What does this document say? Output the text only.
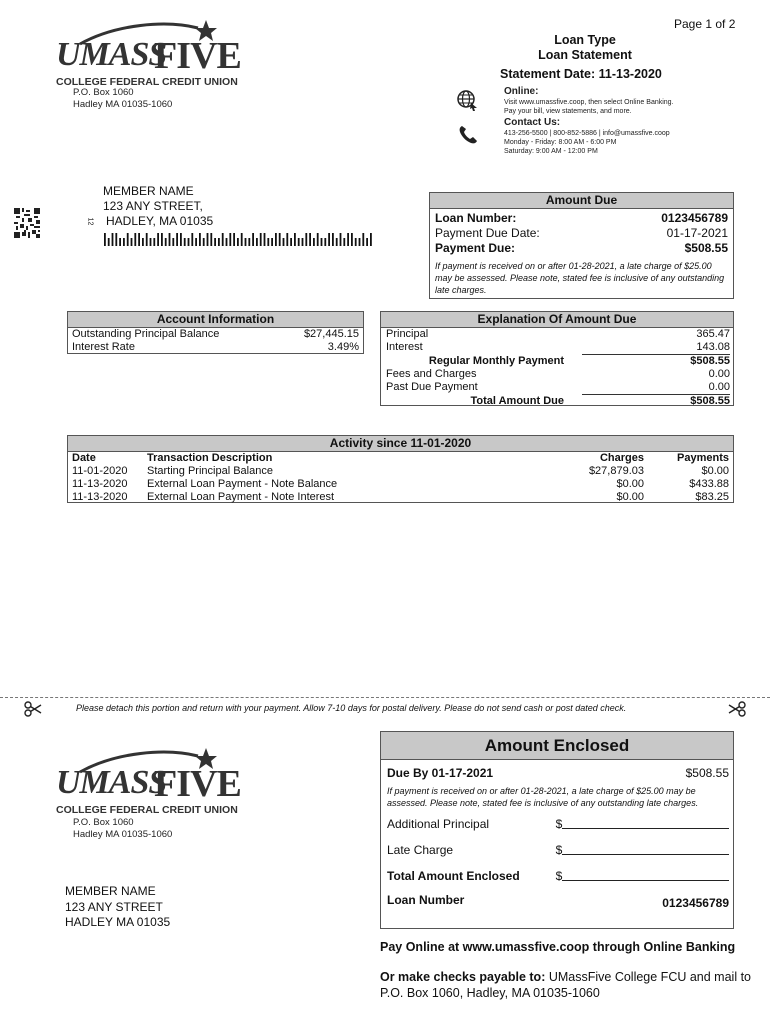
Page 1 of 2
UMASS
FIVE
COLLEGE FEDERAL CREDIT UNION
P.O. Box 1060
Hadley MA 01035-1060
Loan Type
Loan Statement
Statement Date: 11-13-2020
Online:
Visit www.umassfive.coop, then select Online Banking.
Pay your bill, view statements, and more.
Contact Us:
413-256-5500 | 800-852-5886 | info@umassfive.coop
Monday - Friday: 8:00 AM - 6:00 PM
Saturday: 9:00 AM - 12:00 PM
MEMBER NAME
123 ANY STREET,
HADLEY, MA 01035
12
Amount Due
Loan Number:	0123456789
Payment Due Date:	01-17-2021
Payment Due:	$508.55
If payment is received on or after 01-28-2021, a late charge of $25.00 may be assessed. Please note, stated fee is inclusive of any outstanding late charges.
Account Information
Outstanding Principal Balance	$27,445.15
Interest Rate	3.49%
Explanation Of Amount Due
Principal	365.47
Interest	143.08
Regular Monthly Payment	$508.55
Fees and Charges	0.00
Past Due Payment	0.00
Total Amount Due	$508.55
Activity since 11-01-2020
Date	Transaction Description	Charges	Payments
11-01-2020	Starting Principal Balance	$27,879.03	$0.00
11-13-2020	External Loan Payment - Note Balance	$0.00	$433.88
11-13-2020	External Loan Payment - Note Interest	$0.00	$83.25
Please detach this portion and return with your payment. Allow 7-10 days for postal delivery. Please do not send cash or post dated check.
UMASS
FIVE
COLLEGE FEDERAL CREDIT UNION
P.O. Box 1060
Hadley MA 01035-1060
MEMBER NAME
123 ANY STREET
HADLEY MA 01035
Amount Enclosed
Due By 01-17-2021	$508.55
If payment is received on or after 01-28-2021, a late charge of $25.00 may be assessed. Please note, stated fee is inclusive of any outstanding late charges.
Additional Principal	$
Late Charge	$
Total Amount Enclosed	$
Loan Number	0123456789
Pay Online at www.umassfive.coop through Online Banking
Or make checks payable to: UMassFive College FCU and mail to P.O. Box 1060, Hadley, MA 01035-1060
